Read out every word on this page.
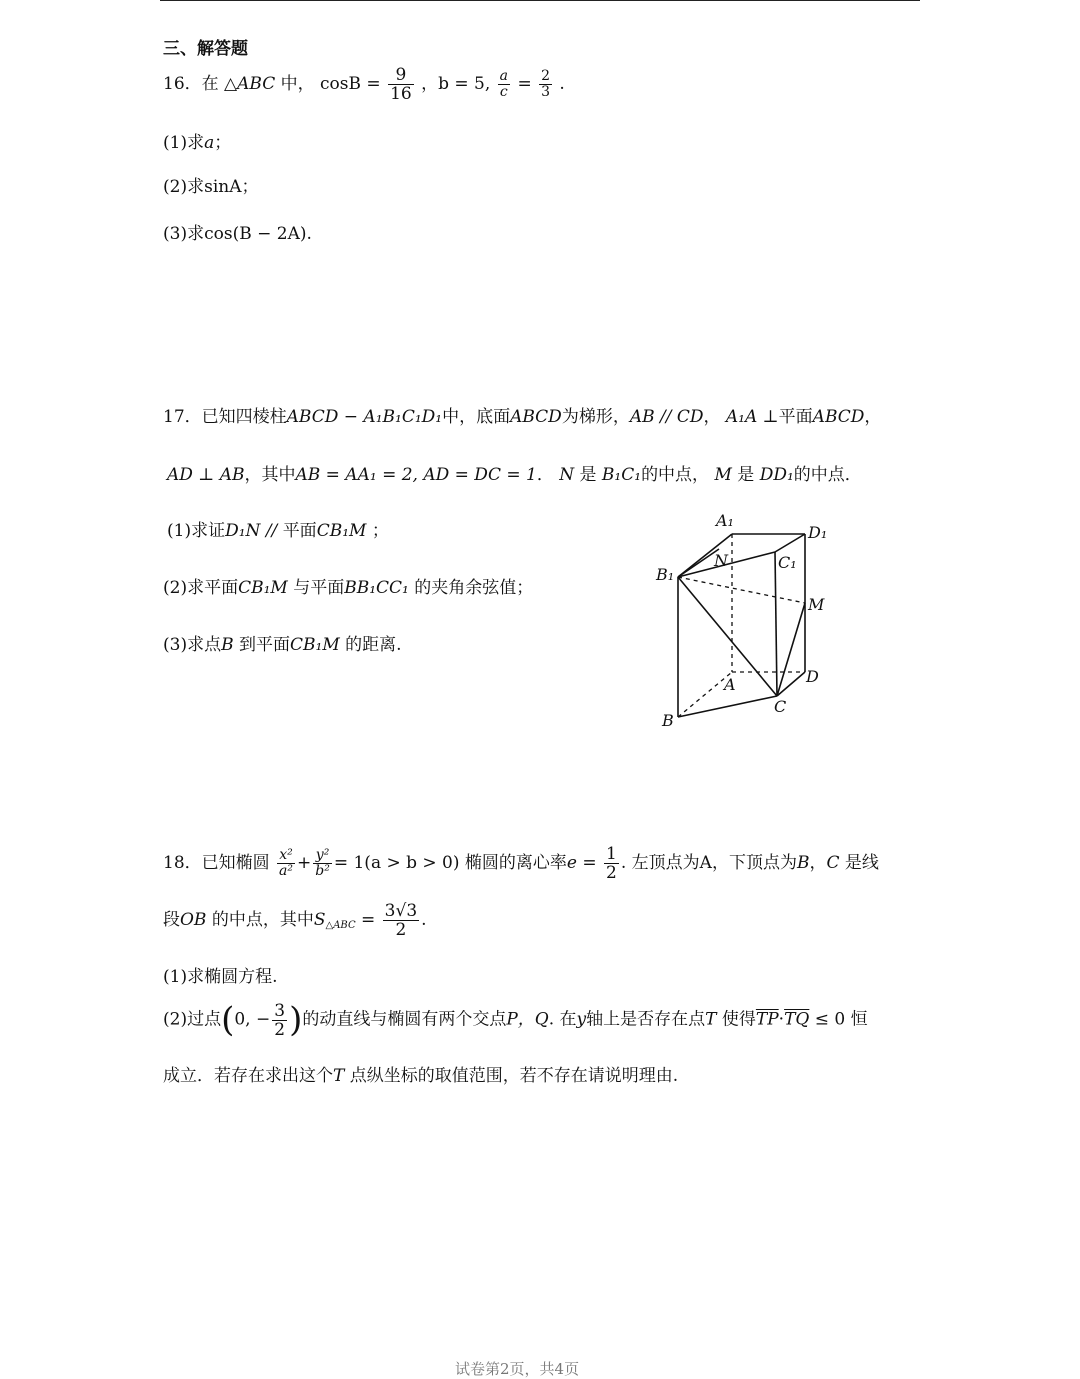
三、解答题
16．在 △ABC 中， $\cos B = \frac{9}{16}$ ，b = 5, $\frac{a}{c} = \frac{2}{3}$ .
(1)求a；
(2)求sinA；
(3)求cos(B − 2A).
17．已知四棱柱ABCD − A₁B₁C₁D₁中，底面ABCD为梯形，AB // CD， A₁A ⊥平面ABCD，
AD ⊥ AB，其中AB = AA₁ = 2, AD = DC = 1． N 是 B₁C₁的中点， M 是 DD₁的中点．
(1)求证D₁N // 平面CB₁M ；
(2)求平面CB₁M 与平面BB₁CC₁ 的夹角余弦值；
(3)求点B 到平面CB₁M 的距离.
A₁
D₁
N	C₁
B₁
M
A	D
C
B
18．已知椭圆 $\frac{\text{x²}}{\text{a²}} + \frac{\text{y²}}{\text{b²}} = 1(a > b > 0)$ 椭圆的离心率$e = \frac{1}{2}$ . 左顶点为A，下顶点为B，C 是线
段OB 的中点，其中$S_{\triangle ABC} = \frac{3√3}{2}$ .
(1)求椭圆方程.
(2)过点(0, − $\frac{3}{2}$ )的动直线与椭圆有两个交点P，Q. 在y轴上是否存在点T 使得$\overline{TP}\cdot\overline{TQ} \le 0$ 恒
成立．若存在求出这个T 点纵坐标的取值范围，若不存在请说明理由.
试卷第2页，共4页
